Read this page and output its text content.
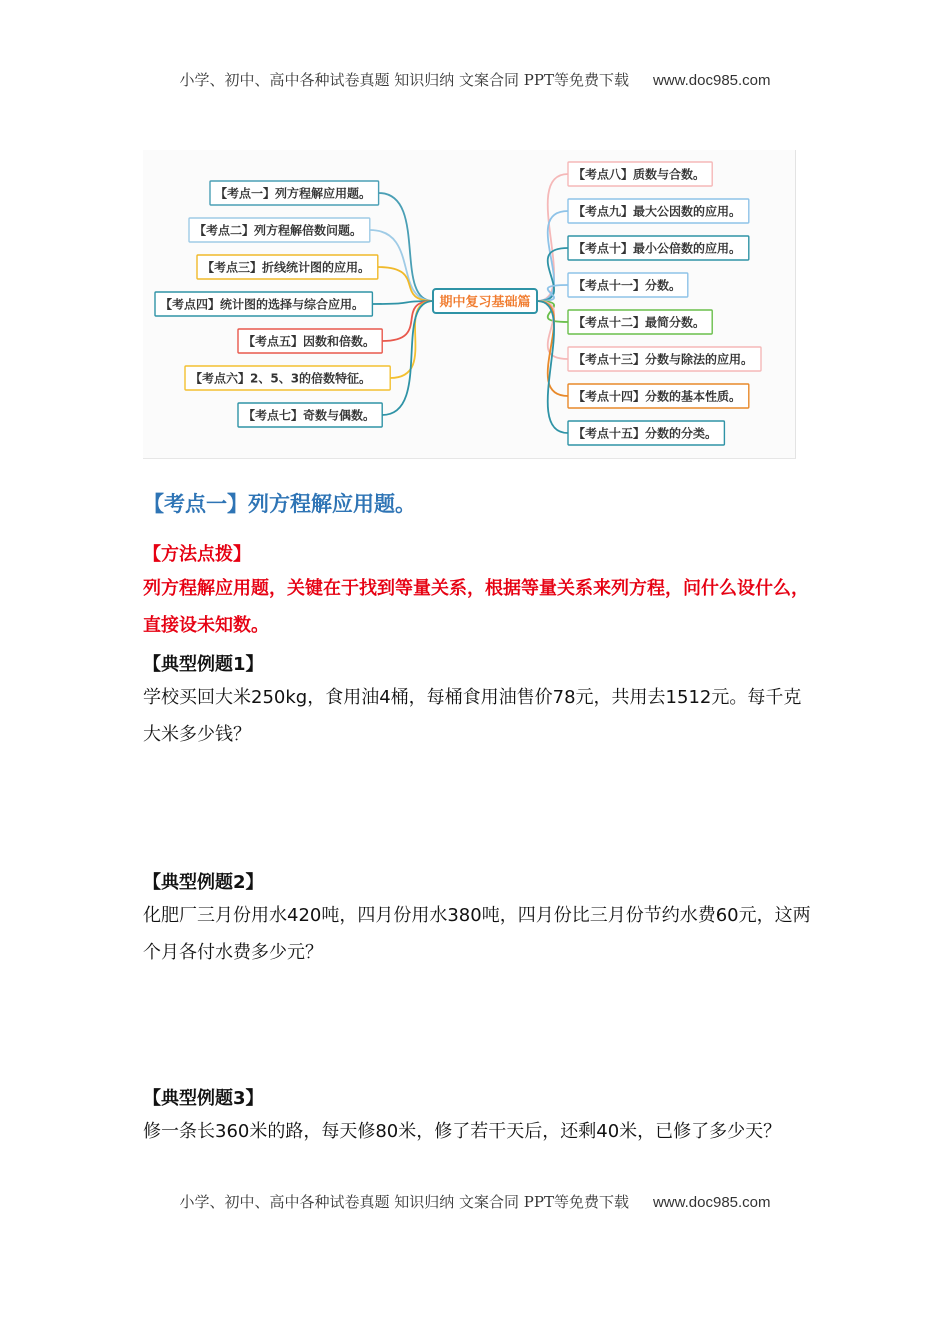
小学、初中、高中各种试卷真题 知识归纳 文案合同 PPT等免费下载 www.doc985.com
【考点一】列方程解应用题。
【考点二】列方程解倍数问题。
【考点三】折线统计图的应用。
【考点四】统计图的选择与综合应用。
【考点五】因数和倍数。
【考点六】2、5、3的倍数特征。
【考点七】奇数与偶数。
【考点八】质数与合数。
【考点九】最大公因数的应用。
【考点十】最小公倍数的应用。
【考点十一】分数。
【考点十二】最简分数。
【考点十三】分数与除法的应用。
【考点十四】分数的基本性质。
【考点十五】分数的分类。
期中复习基础篇
【考点一】列方程解应用题。
【方法点拨】
列方程解应用题，关键在于找到等量关系，根据等量关系来列方程，问什么设什么，直接设未知数。
【典型例题1】
学校买回大米250kg，食用油4桶，每桶食用油售价78元，共用去1512元。每千克大米多少钱？
【典型例题2】
化肥厂三月份用水420吨，四月份用水380吨，四月份比三月份节约水费60元，这两个月各付水费多少元？
【典型例题3】
修一条长360米的路，每天修80米，修了若干天后，还剩40米，已修了多少天？
小学、初中、高中各种试卷真题 知识归纳 文案合同 PPT等免费下载 www.doc985.com
